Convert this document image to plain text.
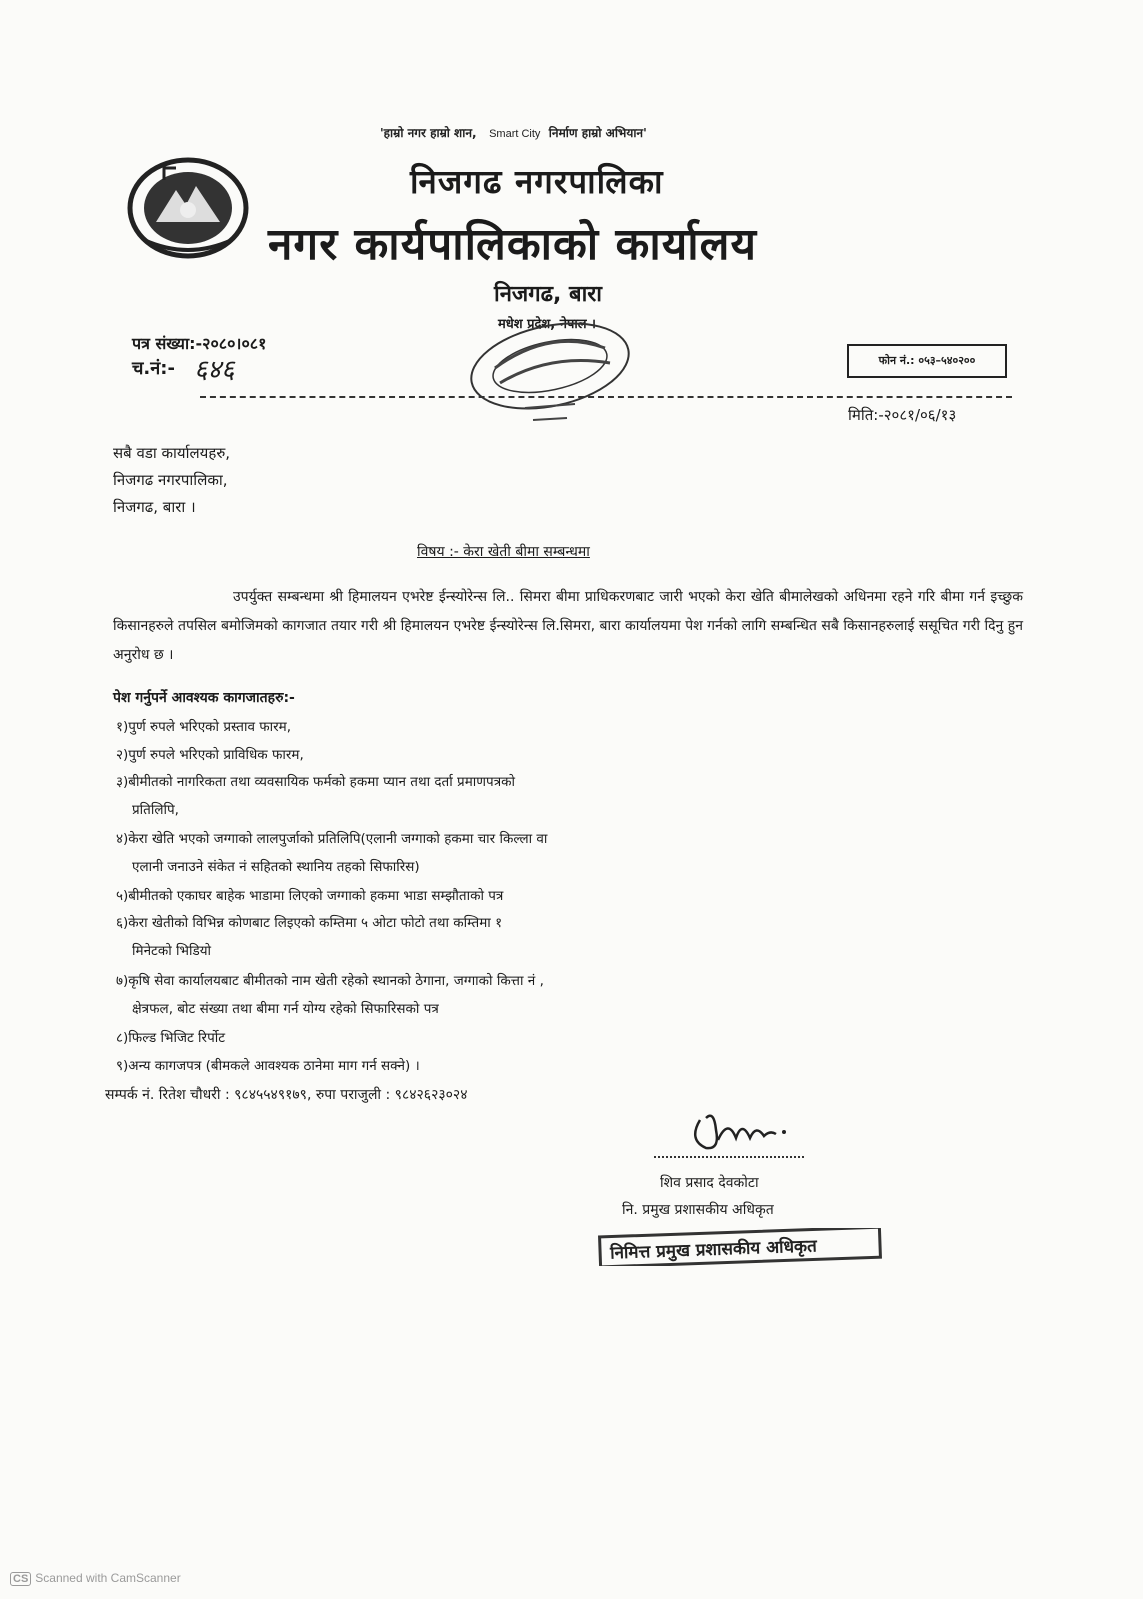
'हाम्रो नगर हाम्रो शान, Smart City निर्माण हाम्रो अभियान'
निजगढ नगरपालिका
नगर कार्यपालिकाको कार्यालय
निजगढ, बारा
मधेश प्रदेश, नेपाल ।
पत्र संख्या:-२०८०।०८१
च.नं:- ६४६	फोन नं.: ०५३–५४०२००
मिति:-२०८१/०६/१३
सबै वडा कार्यालयहरु,
निजगढ नगरपालिका,
निजगढ, बारा ।
विषय :- केरा खेती बीमा सम्बन्धमा
उपर्युक्त सम्बन्धमा श्री हिमालयन एभरेष्ट ईन्स्योरेन्स लि.. सिमरा बीमा प्राधिकरणबाट जारी भएको केरा खेति बीमालेखको अधिनमा रहने गरि बीमा गर्न इच्छुक किसानहरुले तपसिल बमोजिमको कागजात तयार गरी श्री हिमालयन एभरेष्ट ईन्स्योरेन्स लि.सिमरा, बारा कार्यालयमा पेश गर्नको लागि सम्बन्धित सबै किसानहरुलाई ससूचित गरी दिनु हुन अनुरोध छ ।
पेश गर्नुपर्ने आवश्यक कागजातहरु:-
१)पुर्ण रुपले भरिएको प्रस्ताव फारम,
२)पुर्ण रुपले भरिएको प्राविधिक फारम,
३)बीमीतको नागरिकता तथा व्यवसायिक फर्मको हकमा प्यान तथा दर्ता प्रमाणपत्रको
प्रतिलिपि,
४)केरा खेति भएको जग्गाको लालपुर्जाको प्रतिलिपि(एलानी जग्गाको हकमा चार किल्ला वा
एलानी जनाउने संकेत नं सहितको स्थानिय तहको सिफारिस)
५)बीमीतको एकाघर बाहेक भाडामा लिएको जग्गाको हकमा भाडा सम्झौताको पत्र
६)केरा खेतीको विभिन्न कोणबाट लिइएको कम्तिमा ५ ओटा फोटो तथा कम्तिमा १
मिनेटको भिडियो
७)कृषि सेवा कार्यालयबाट बीमीतको नाम खेती रहेको स्थानको ठेगाना, जग्गाको कित्ता नं ,
क्षेत्रफल, बोट संख्या तथा बीमा गर्न योग्य रहेको सिफारिसको पत्र
८)फिल्ड भिजिट रिर्पोट
९)अन्य कागजपत्र (बीमकले आवश्यक ठानेमा माग गर्न सक्ने) ।
सम्पर्क नं. रितेश चौधरी : ९८४५५४९१७९, रुपा पराजुली : ९८४२६२३०२४
शिव प्रसाद देवकोटा
नि. प्रमुख प्रशासकीय अधिकृत
निमित्त प्रमुख प्रशासकीय अधिकृत
CS Scanned with CamScanner
